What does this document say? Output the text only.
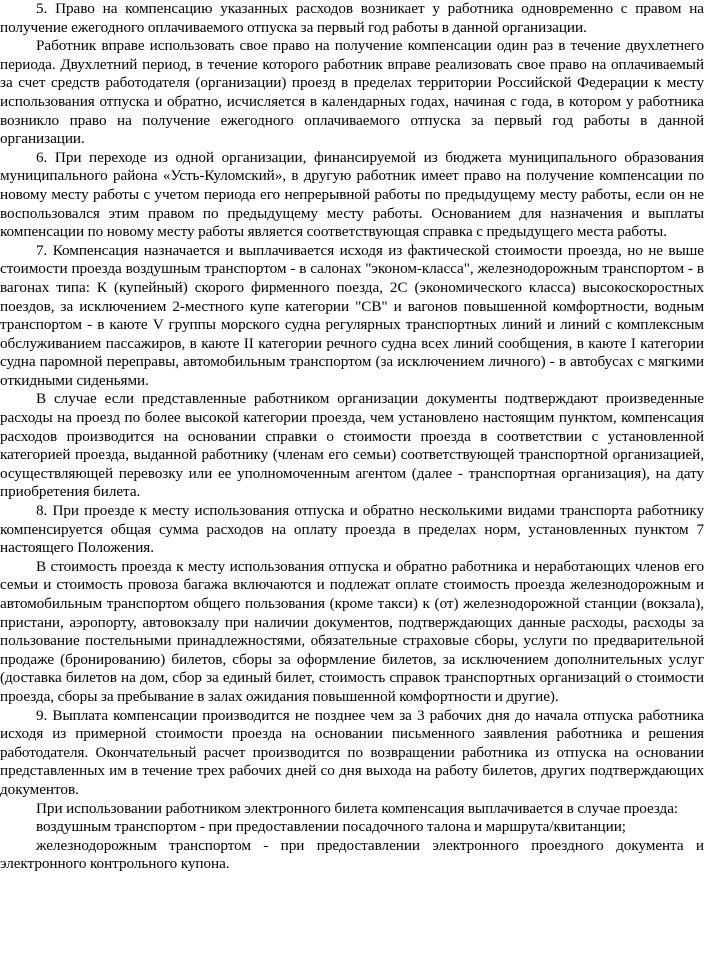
5. Право на компенсацию указанных расходов возникает у работника одновременно с правом на получение ежегодного оплачиваемого отпуска за первый год работы в данной организации.

Работник вправе использовать свое право на получение компенсации один раз в течение двухлетнего периода. Двухлетний период, в течение которого работник вправе реализовать свое право на оплачиваемый за счет средств работодателя (организации) проезд в пределах территории Российской Федерации к месту использования отпуска и обратно, исчисляется в календарных годах, начиная с года, в котором у работника возникло право на получение ежегодного оплачиваемого отпуска за первый год работы в данной организации.

6. При переходе из одной организации, финансируемой из бюджета муниципального образования муниципального района «Усть-Куломский», в другую работник имеет право на получение компенсации по новому месту работы с учетом периода его непрерывной работы по предыдущему месту работы, если он не воспользовался этим правом по предыдущему месту работы. Основанием для назначения и выплаты компенсации по новому месту работы является соответствующая справка с предыдущего места работы.

7. Компенсация назначается и выплачивается исходя из фактической стоимости проезда, но не выше стоимости проезда воздушным транспортом - в салонах "эконом-класса", железнодорожным транспортом - в вагонах типа: К (купейный) скорого фирменного поезда, 2С (экономического класса) высокоскоростных поездов, за исключением 2-местного купе категории "СВ" и вагонов повышенной комфортности, водным транспортом - в каюте V группы морского судна регулярных транспортных линий и линий с комплексным обслуживанием пассажиров, в каюте II категории речного судна всех линий сообщения, в каюте I категории судна паромной переправы, автомобильным транспортом (за исключением личного) - в автобусах с мягкими откидными сиденьями.

В случае если представленные работником организации документы подтверждают произведенные расходы на проезд по более высокой категории проезда, чем установлено настоящим пунктом, компенсация расходов производится на основании справки о стоимости проезда в соответствии с установленной категорией проезда, выданной работнику (членам его семьи) соответствующей транспортной организацией, осуществляющей перевозку или ее уполномоченным агентом (далее - транспортная организация), на дату приобретения билета.

8. При проезде к месту использования отпуска и обратно несколькими видами транспорта работнику компенсируется общая сумма расходов на оплату проезда в пределах норм, установленных пунктом 7 настоящего Положения.

В стоимость проезда к месту использования отпуска и обратно работника и неработающих членов его семьи и стоимость провоза багажа включаются и подлежат оплате стоимость проезда железнодорожным и автомобильным транспортом общего пользования (кроме такси) к (от) железнодорожной станции (вокзала), пристани, аэропорту, автовокзалу при наличии документов, подтверждающих данные расходы, расходы за пользование постельными принадлежностями, обязательные страховые сборы, услуги по предварительной продаже (бронированию) билетов, сборы за оформление билетов, за исключением дополнительных услуг (доставка билетов на дом, сбор за единый билет, стоимость справок транспортных организаций о стоимости проезда, сборы за пребывание в залах ожидания повышенной комфортности и другие).

9. Выплата компенсации производится не позднее чем за 3 рабочих дня до начала отпуска работника исходя из примерной стоимости проезда на основании письменного заявления работника и решения работодателя. Окончательный расчет производится по возвращении работника из отпуска на основании представленных им в течение трех рабочих дней со дня выхода на работу билетов, других подтверждающих документов.

При использовании работником электронного билета компенсация выплачивается в случае проезда:

воздушным транспортом - при предоставлении посадочного талона и маршрута/квитанции;

железнодорожным транспортом - при предоставлении электронного проездного документа и электронного контрольного купона.
